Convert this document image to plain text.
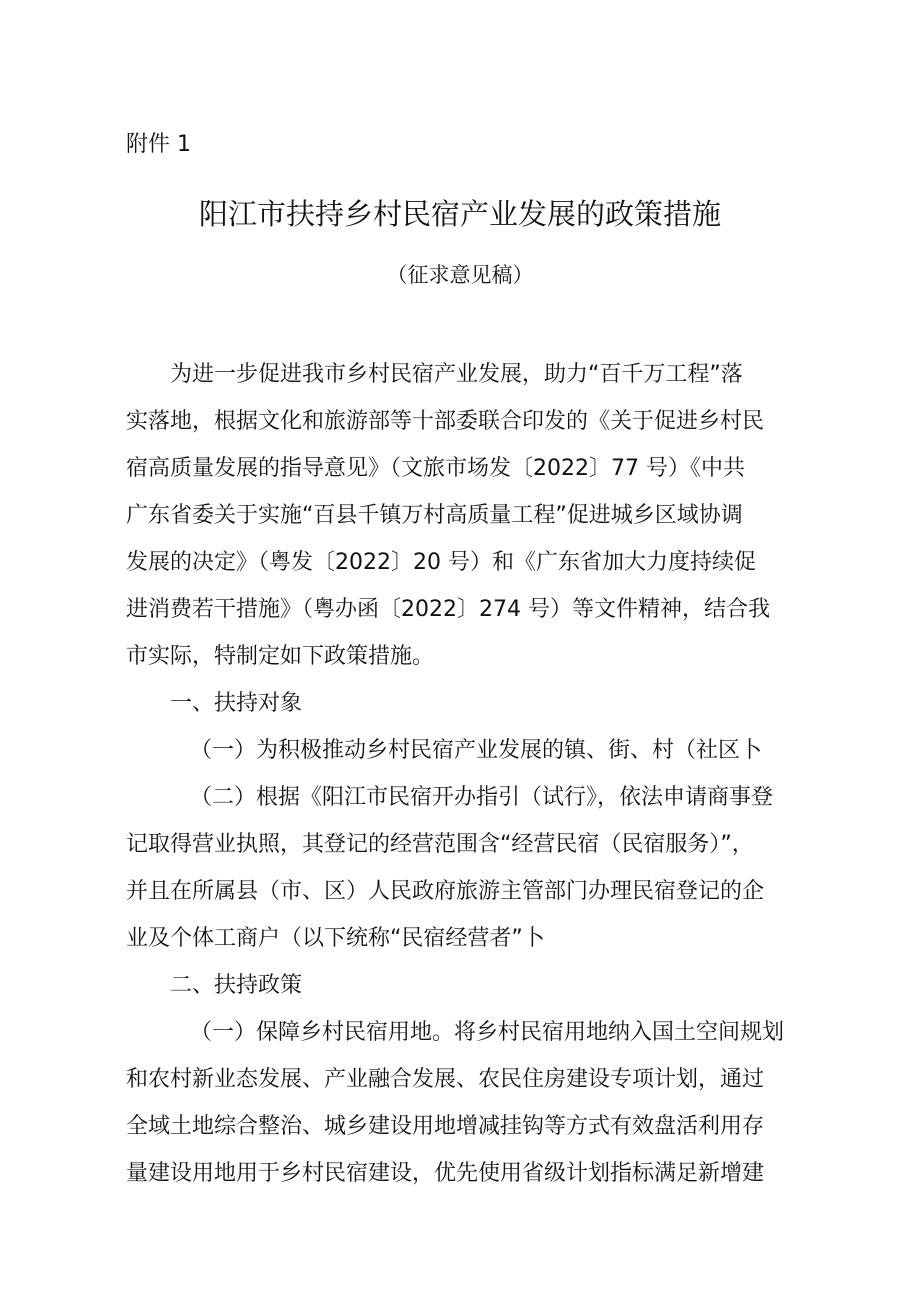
附件 1
阳江市扶持乡村民宿产业发展的政策措施
（征求意见稿）
为进一步促进我市乡村民宿产业发展，助力“百千万工程”落
实落地，根据文化和旅游部等十部委联合印发的《关于促进乡村民
宿高质量发展的指导意见》（文旅市场发〔2022〕77 号）《中共
广东省委关于实施“百县千镇万村高质量工程”促进城乡区域协调
发展的决定》（粤发〔2022〕20 号）和《广东省加大力度持续促
进消费若干措施》（粤办函〔2022〕274 号）等文件精神，结合我
市实际，特制定如下政策措施。
一、扶持对象
（一）为积极推动乡村民宿产业发展的镇、街、村（社区卜
（二）根据《阳江市民宿开办指引（试行》，依法申请商事登
记取得营业执照，其登记的经营范围含“经营民宿（民宿服务）”，
并且在所属县（市、区）人民政府旅游主管部门办理民宿登记的企
业及个体工商户（以下统称“民宿经营者”卜
二、扶持政策
（一）保障乡村民宿用地。将乡村民宿用地纳入国土空间规划
和农村新业态发展、产业融合发展、农民住房建设专项计划，通过
全域土地综合整治、城乡建设用地增减挂钩等方式有效盘活利用存
量建设用地用于乡村民宿建设，优先使用省级计划指标满足新增建
